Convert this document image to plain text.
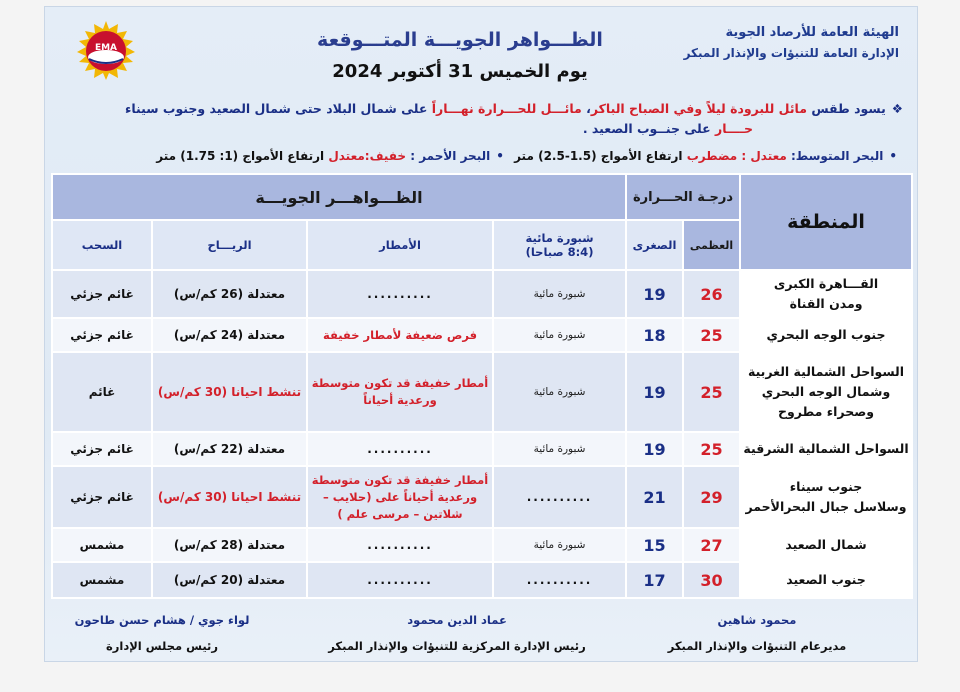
الهيئة العامة للأرصاد الجوية
الإدارة العامة للتنبؤات والإنذار المبكر
الظـــواهر الجويـــة المتـــوقعة
يوم الخميس 31 أكتوبر 2024
EMA
❖يسود طقس مائل للبرودة ليلاً وفي الصباح الباكر، مائـــل للحـــرارة نهـــاراً على شمال البلاد حتى شمال الصعيد وجنوب سيناء
حــــار على جنــوب الصعيد .
•البحر المتوسط: معتدل : مضطرب ارتفاع الأمواج (1.5-2.5) متر •البحر الأحمر : خفيف:معتدل ارتفاع الأمواج (1: 1.75) متر
المنطقة	درجـة الحـــرارة		الظـــواهـــر الجويـــة			
	العظمى	الصغرى	شبورة مائية
(8:4 صباحا)	الأمطار	الريـــاح	السحب
القـــاهرة الكبرى
ومدن القناة	26	19	شبورة مائية	..........	معتدلة (26 كم/س)	غائم جزئي
جنوب الوجه البحري	25	18	شبورة مائية	فرص ضعيفة لأمطار خفيفة	معتدلة (24 كم/س)	غائم جزئي
السواحل الشمالية الغربية
وشمال الوجه البحري
وصحراء مطروح	25	19	شبورة مائية	أمطار خفيفة قد تكون متوسطة
ورعدية أحياناً	تنشط احيانا (30 كم/س)	غائم
السواحل الشمالية الشرقية	25	19	شبورة مائية	..........	معتدلة (22 كم/س)	غائم جزئي
جنوب سيناء
وسلاسل جبال البحرالأحمر	29	21	..........	أمطار خفيفة قد تكون متوسطة
ورعدية أحياناً على (حلايب –
شلاتين – مرسى علم )	تنشط احيانا (30 كم/س)	غائم جزئي
شمال الصعيد	27	15	شبورة مائية	..........	معتدلة (28 كم/س)	مشمس
جنوب الصعيد	30	17	..........	..........	معتدلة (20 كم/س)	مشمس
محمود شاهين
مديرعام التنبؤات والإنذار المبكر
عماد الدين محمود
رئيس الإدارة المركزية للتنبؤات والإنذار المبكر
لواء جوي / هشام حسن طاحون
رئيس مجلس الإدارة
